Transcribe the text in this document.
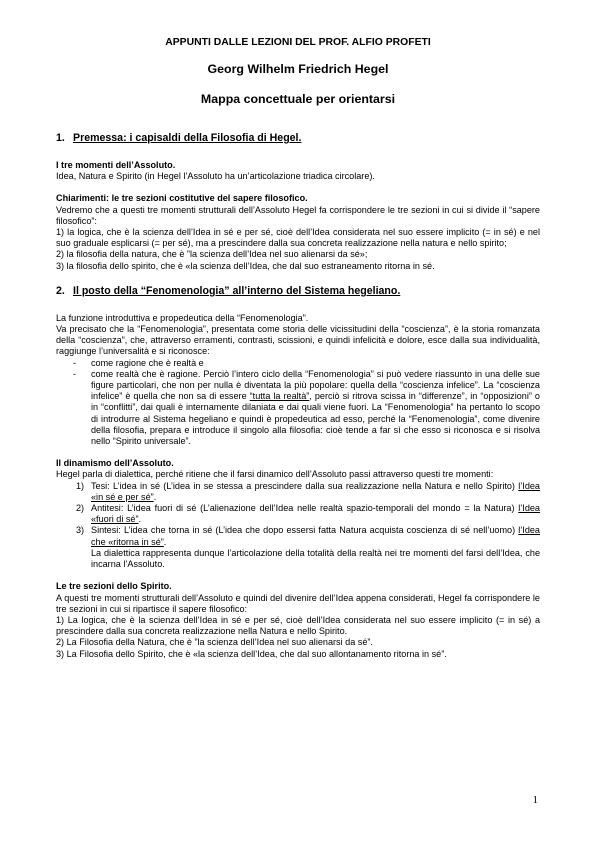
APPUNTI DALLE LEZIONI DEL PROF. ALFIO PROFETI
Georg Wilhelm Friedrich Hegel
Mappa concettuale per orientarsi
1. Premessa: i capisaldi della Filosofia di Hegel.
I tre momenti dell’Assoluto.
Idea, Natura e Spirito (in Hegel l’Assoluto ha un’articolazione triadica circolare).
Chiarimenti: le tre sezioni costitutive del sapere filosofico.
Vedremo che a questi tre momenti strutturali dell’Assoluto Hegel fa corrispondere le tre sezioni in cui si divide il “sapere filosofico”:
1) la logica, che è la scienza dell’Idea in sé e per sé, cioè dell’Idea considerata nel suo essere implicito (= in sé) e nel suo graduale esplicarsi (= per sé), ma a prescindere dalla sua concreta realizzazione nella natura e nello spirito;
2) la filosofia della natura, che è ”la scienza dell’Idea nel suo alienarsi da sé»;
3) la filosofia dello spirito, che è «la scienza dell’Idea, che dal suo estraneamento ritorna in sé.
2. Il posto della “Fenomenologia” all’interno del Sistema hegeliano.
La funzione introduttiva e propedeutica della “Fenomenologia”.
Va precisato che la “Fenomenologia”, presentata come storia delle vicissitudini della “coscienza”, è la storia romanzata della “coscienza”, che, attraverso erramenti, contrasti, scissioni, e quindi infelicità e dolore, esce dalla sua individualità, raggiunge l’universalità e si riconosce:
-	come ragione che è realtà e
-	come realtà che è ragione. Perciò l’intero ciclo della “Fenomenologia” si può vedere riassunto in una delle sue figure particolari, che non per nulla è diventata la più popolare: quella della “coscienza infelice”. La “coscienza infelice” è quella che non sa di essere “tutta la realtà”, perciò si ritrova scissa in “differenze”, in “opposizioni” o in “conflitti”, dai quali è internamente dilaniata e dai quali viene fuori. La “Fenomenologia” ha pertanto lo scopo di introdurre al Sistema hegeliano e quindi è propedeutica ad esso, perché la “Fenomenologia”, come divenire della filosofia, prepara e introduce il singolo alla filosofia: cioè tende a far sì che esso si riconosca e si risolva nello “Spirito universale”.
Il dinamismo dell’Assoluto.
Hegel parla di dialettica, perché ritiene che il farsi dinamico dell’Assoluto passi attraverso questi tre momenti:
1) Tesi: L’idea in sé (L’idea in se stessa a prescindere dalla sua realizzazione nella Natura e nello Spirito) l’Idea «in sé e per sé”.
2) Antitesi: L’idea fuori di sé (L’alienazione dell’Idea nelle realtà spazio-temporali del mondo = la Natura) l’Idea «fuori di sé”.
3) Sintesi: L’idea che torna in sé (L’idea che dopo essersi fatta Natura acquista coscienza di sé nell’uomo) l’Idea che «ritorna in sé”.
La dialettica rappresenta dunque l’articolazione della totalità della realtà nei tre momenti del farsi dell’Idea, che incarna l’Assoluto.
Le tre sezioni dello Spirito.
A questi tre momenti strutturali dell’Assoluto e quindi del divenire dell’Idea appena considerati, Hegel fa corrispondere le tre sezioni in cui si ripartisce il sapere filosofico:
1) La logica, che è la scienza dell’Idea in sé e per sé, cioè dell’Idea considerata nel suo essere implicito (= in sé) a prescindere dalla sua concreta realizzazione nella Natura e nello Spirito.
2) La Filosofia della Natura, che è ”la scienza dell’Idea nel suo alienarsi da sé”.
3) La Filosofia dello Spirito, che è «la scienza dell’Idea, che dal suo allontanamento ritorna in sé”.
1
